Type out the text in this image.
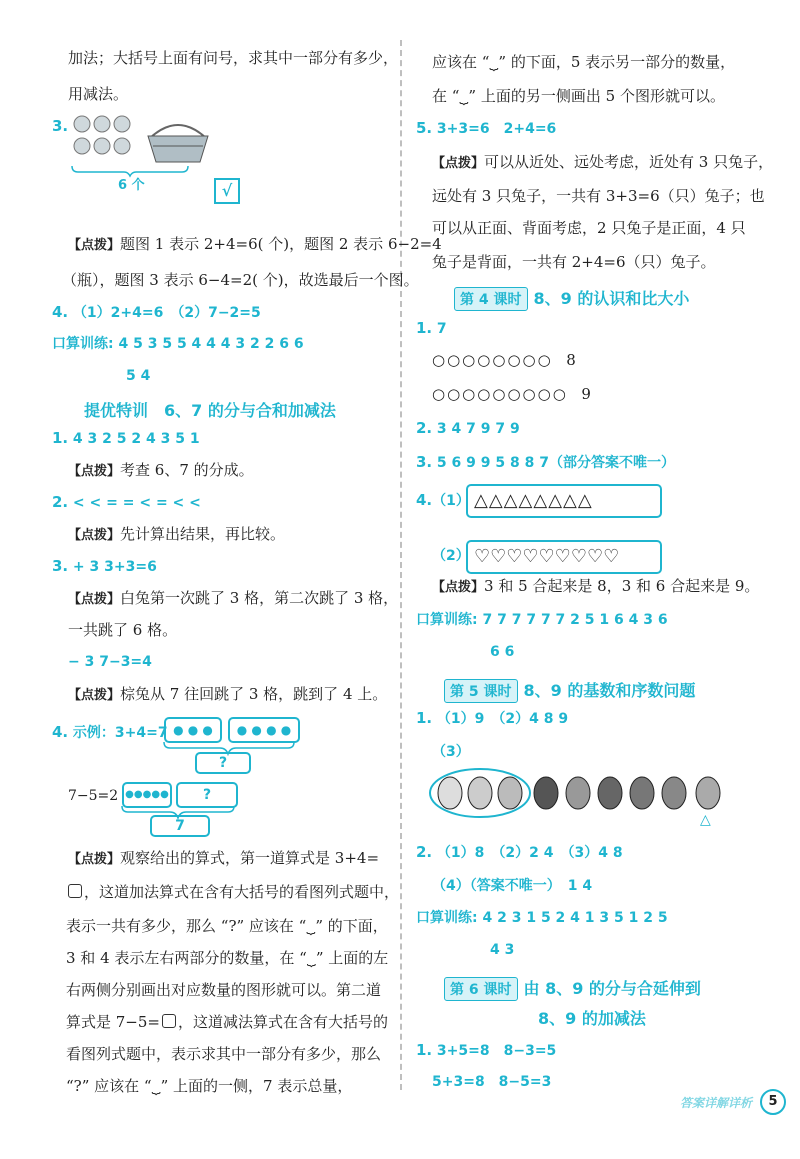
加法；大括号上面有问号，求其中一部分有多少，
用减法。
3.
6 个	√
【点拨】题图 1 表示 2+4=6( 个)，题图 2 表示 6−2=4
（瓶），题图 3 表示 6−4=2( 个)，故选最后一个图。
4. （1）2+4=6　（2）7−2=5
口算训练: 4 5 3 5 5 4 4 4 3 2 2 6 6
5 4
提优特训　6、7 的分与合和加减法
1. 4 3 2 5 2 4 3 5 1
【点拨】考查 6、7 的分成。
2. < < = = < = < <
【点拨】先计算出结果，再比较。
3. + 3 3+3=6
【点拨】白兔第一次跳了 3 格，第二次跳了 3 格，
一共跳了 6 格。
− 3 7−3=4
【点拨】棕兔从 7 往回跳了 3 格，跳到了 4 上。
4. 示例：3+4=7 ● ● ●	● ● ● ●
?
7−5=2 ●●●●●	?
7
【点拨】观察给出的算式，第一道算式是 3+4=
，这道加法算式在含有大括号的看图列式题中，
表示一共有多少，那么 “?” 应该在 “⏟” 的下面，
3 和 4 表示左右两部分的数量，在 “⏟” 上面的左
右两侧分别画出对应数量的图形就可以。第二道
算式是 7−5= ，这道减法算式在含有大括号的
看图列式题中，表示求其中一部分有多少，那么
“?” 应该在 “⏟” 上面的一侧，7 表示总量，
应该在 “⏟” 的下面，5 表示另一部分的数量，
在 “⏟” 上面的另一侧画出 5 个图形就可以。
5. 3+3=6　2+4=6
【点拨】可以从近处、远处考虑，近处有 3 只兔子，
远处有 3 只兔子，一共有 3+3=6（只）兔子；也
可以从正面、背面考虑，2 只兔子是正面，4 只
兔子是背面，一共有 2+4=6（只）兔子。
第 4 课时 8、9 的认识和比大小
1. 7
○○○○○○○○ 8
○○○○○○○○○ 9
2. 3 4 7 9 7 9
3. 5 6 9 9 5 8 8 7（部分答案不唯一）
4.（1） △△△△△△△△
（2） ♡♡♡♡♡♡♡♡♡
【点拨】3 和 5 合起来是 8，3 和 6 合起来是 9。
口算训练: 7 7 7 7 7 7 2 5 1 6 4 3 6
6 6
第 5 课时 8、9 的基数和序数问题
1. （1）9　（2）4 8 9
（3）
△
2. （1）8　（2）2 4　（3）4 8
（4）（答案不唯一）　1 4
口算训练: 4 2 3 1 5 2 4 1 3 5 1 2 5
4 3
第 6 课时 由 8、9 的分与合延伸到
8、9 的加减法
1. 3+5=8　8−3=5
5+3=8　8−5=3
答案详解详析	5
